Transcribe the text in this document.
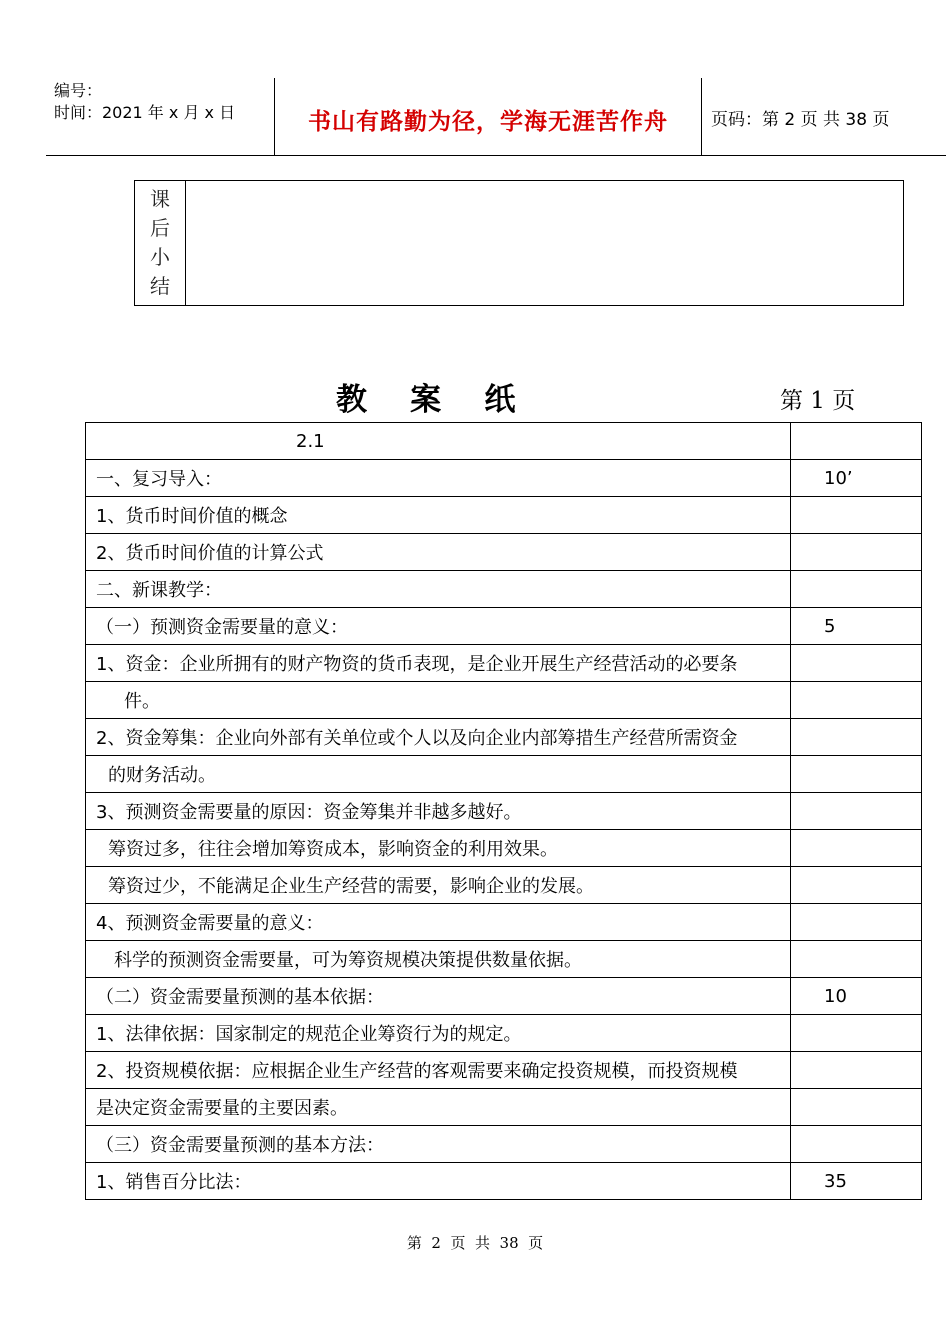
编号：
时间：2021 年 x 月 x 日	书山有路勤为径，学海无涯苦作舟	页码：第 2 页 共 38 页
课
后
小
结
教    案    纸	第 1 页
2.1	
一、复习导入：	10’
1、货币时间价值的概念	
2、货币时间价值的计算公式	
二、新课教学：	
（一）预测资金需要量的意义：	5
1、资金：企业所拥有的财产物资的货币表现，是企业开展生产经营活动的必要条	
件。	
2、资金筹集：企业向外部有关单位或个人以及向企业内部筹措生产经营所需资金	
的财务活动。	
3、预测资金需要量的原因：资金筹集并非越多越好。	
筹资过多，往往会增加筹资成本，影响资金的利用效果。	
筹资过少，不能满足企业生产经营的需要，影响企业的发展。	
4、预测资金需要量的意义：	
科学的预测资金需要量，可为筹资规模决策提供数量依据。	
（二）资金需要量预测的基本依据：	10
1、法律依据：国家制定的规范企业筹资行为的规定。	
2、投资规模依据：应根据企业生产经营的客观需要来确定投资规模，而投资规模	
是决定资金需要量的主要因素。	
（三）资金需要量预测的基本方法：	
1、销售百分比法：	35
第  2  页  共  38  页
